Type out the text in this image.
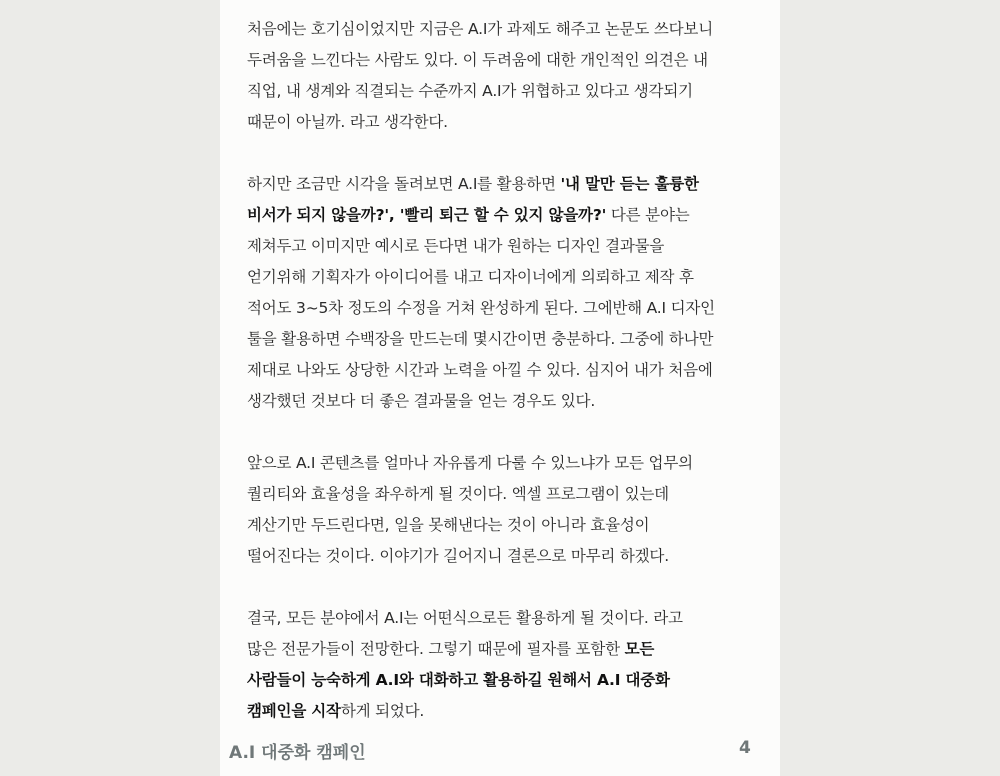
처음에는 호기심이었지만 지금은 A.I가 과제도 해주고 논문도 쓰다보니
두려움을 느낀다는 사람도 있다. 이 두려움에 대한 개인적인 의견은 내
직업, 내 생계와 직결되는 수준까지 A.I가 위협하고 있다고 생각되기
때문이 아닐까. 라고 생각한다.
하지만 조금만 시각을 돌려보면 A.I를 활용하면 '내 말만 듣는 훌륭한
비서가 되지 않을까?', '빨리 퇴근 할 수 있지 않을까?' 다른 분야는
제쳐두고 이미지만 예시로 든다면 내가 원하는 디자인 결과물을
얻기위해 기획자가 아이디어를 내고 디자이너에게 의뢰하고 제작 후
적어도 3~5차 정도의 수정을 거쳐 완성하게 된다. 그에반해 A.I 디자인
툴을 활용하면 수백장을 만드는데 몇시간이면 충분하다. 그중에 하나만
제대로 나와도 상당한 시간과 노력을 아낄 수 있다. 심지어 내가 처음에
생각했던 것보다 더 좋은 결과물을 얻는 경우도 있다.
앞으로 A.I 콘텐츠를 얼마나 자유롭게 다룰 수 있느냐가 모든 업무의
퀄리티와 효율성을 좌우하게 될 것이다. 엑셀 프로그램이 있는데
계산기만 두드린다면, 일을 못해낸다는 것이 아니라 효율성이
떨어진다는 것이다. 이야기가 길어지니 결론으로 마무리 하겠다.
결국, 모든 분야에서 A.I는 어떤식으로든 활용하게 될 것이다. 라고
많은 전문가들이 전망한다. 그렇기 때문에 필자를 포함한 모든
사람들이 능숙하게 A.I와 대화하고 활용하길 원해서 A.I 대중화
캠페인을 시작하게 되었다.
A.I 대중화 캠페인	4
